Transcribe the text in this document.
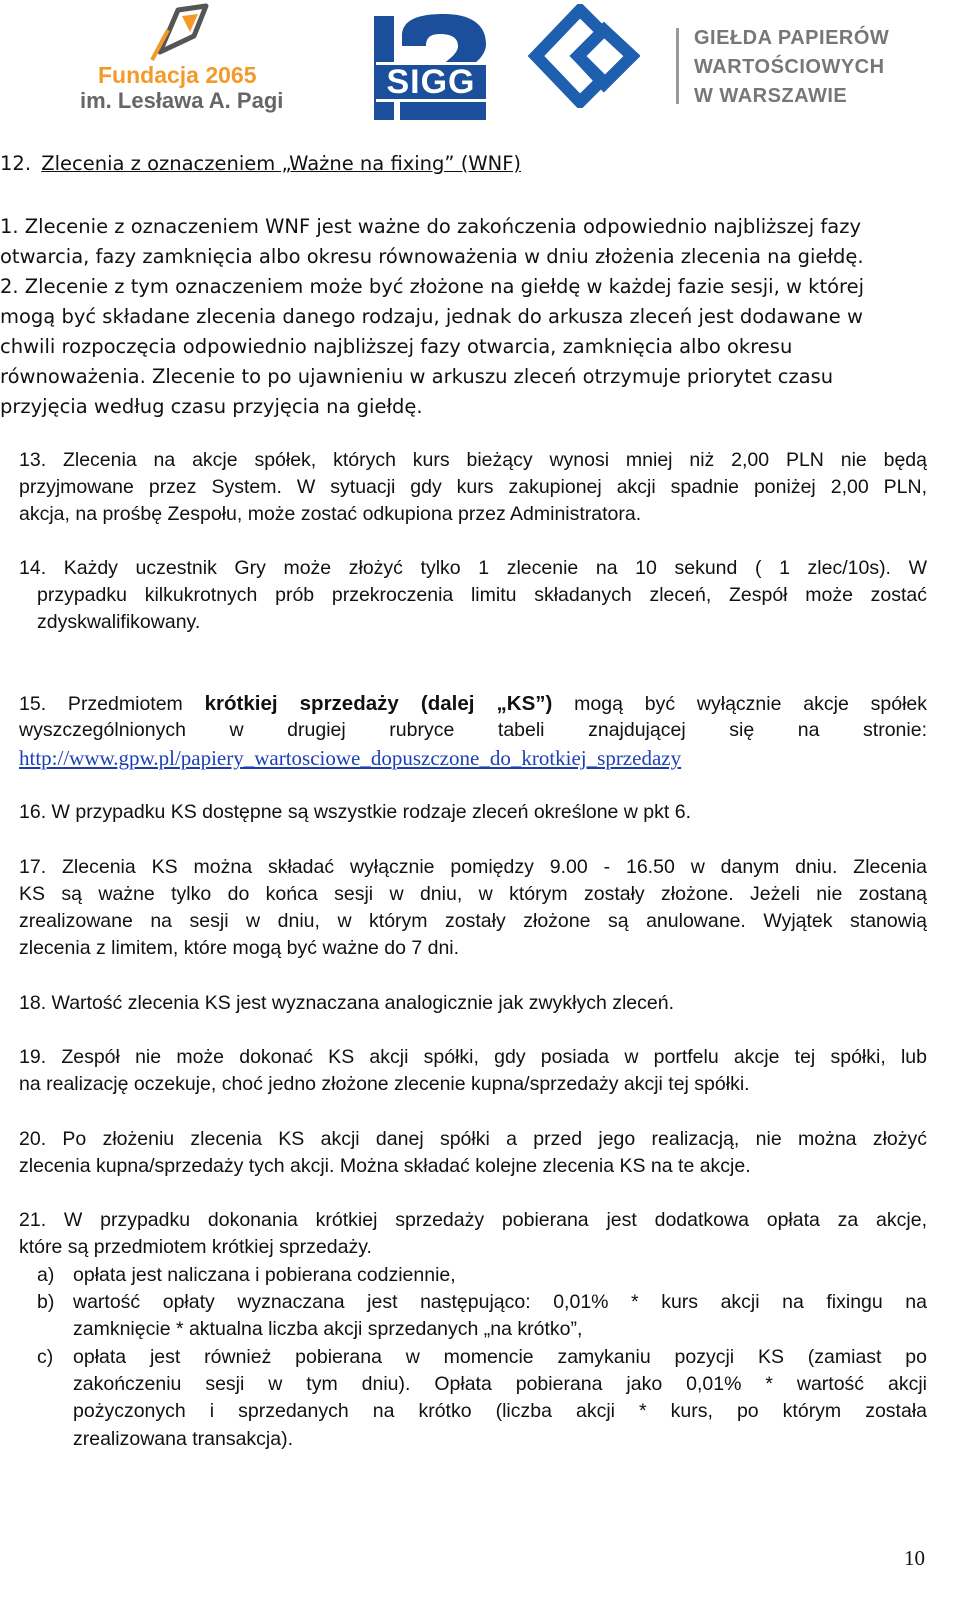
Fundacja 2065
im. Lesława A. Pagi	SIGG
GIEŁDA PAPIERÓW
WARTOŚCIOWYCH
W WARSZAWIE
12. Zlecenia z oznaczeniem „Ważne na fixing” (WNF)
1. Zlecenie z oznaczeniem WNF jest ważne do zakończenia odpowiednio najbliższej fazy
otwarcia, fazy zamknięcia albo okresu równoważenia w dniu złożenia zlecenia na giełdę.
2. Zlecenie z tym oznaczeniem może być złożone na giełdę w każdej fazie sesji, w której
mogą być składane zlecenia danego rodzaju, jednak do arkusza zleceń jest dodawane w
chwili rozpoczęcia odpowiednio najbliższej fazy otwarcia, zamknięcia albo okresu
równoważenia. Zlecenie to po ujawnieniu w arkuszu zleceń otrzymuje priorytet czasu
przyjęcia według czasu przyjęcia na giełdę.
13. Zlecenia na akcje spółek, których kurs bieżący wynosi mniej niż 2,00 PLN nie będą
przyjmowane przez System. W sytuacji gdy kurs zakupionej akcji spadnie poniżej 2,00 PLN,
akcja, na prośbę Zespołu, może zostać odkupiona przez Administratora.
14. Każdy uczestnik Gry może złożyć tylko 1 zlecenie na 10 sekund ( 1 zlec/10s). W
przypadku kilkukrotnych prób przekroczenia limitu składanych zleceń, Zespół może zostać
zdyskwalifikowany.
15. Przedmiotem krótkiej sprzedaży (dalej „KS”) mogą być wyłącznie akcje spółek
wyszczególnionych w drugiej rubryce tabeli znajdującej się na stronie:
http://www.gpw.pl/papiery_wartosciowe_dopuszczone_do_krotkiej_sprzedazy
16. W przypadku KS dostępne są wszystkie rodzaje zleceń określone w pkt 6.
17. Zlecenia KS można składać wyłącznie pomiędzy 9.00 - 16.50 w danym dniu. Zlecenia
KS są ważne tylko do końca sesji w dniu, w którym zostały złożone. Jeżeli nie zostaną
zrealizowane na sesji w dniu, w którym zostały złożone są anulowane. Wyjątek stanowią
zlecenia z limitem, które mogą być ważne do 7 dni.
18. Wartość zlecenia KS jest wyznaczana analogicznie jak zwykłych zleceń.
19. Zespół nie może dokonać KS akcji spółki, gdy posiada w portfelu akcje tej spółki, lub
na realizację oczekuje, choć jedno złożone zlecenie kupna/sprzedaży akcji tej spółki.
20. Po złożeniu zlecenia KS akcji danej spółki a przed jego realizacją, nie można złożyć
zlecenia kupna/sprzedaży tych akcji. Można składać kolejne zlecenia KS na te akcje.
21. W przypadku dokonania krótkiej sprzedaży pobierana jest dodatkowa opłata za akcje,
które są przedmiotem krótkiej sprzedaży.
a) opłata jest naliczana i pobierana codziennie,
b) wartość opłaty wyznaczana jest następująco: 0,01% * kurs akcji na fixingu na
zamknięcie * aktualna liczba akcji sprzedanych „na krótko”,
c) opłata jest również pobierana w momencie zamykaniu pozycji KS (zamiast po
zakończeniu sesji w tym dniu). Opłata pobierana jako 0,01% * wartość akcji
pożyczonych i sprzedanych na krótko (liczba akcji * kurs, po którym została
zrealizowana transakcja).
10
